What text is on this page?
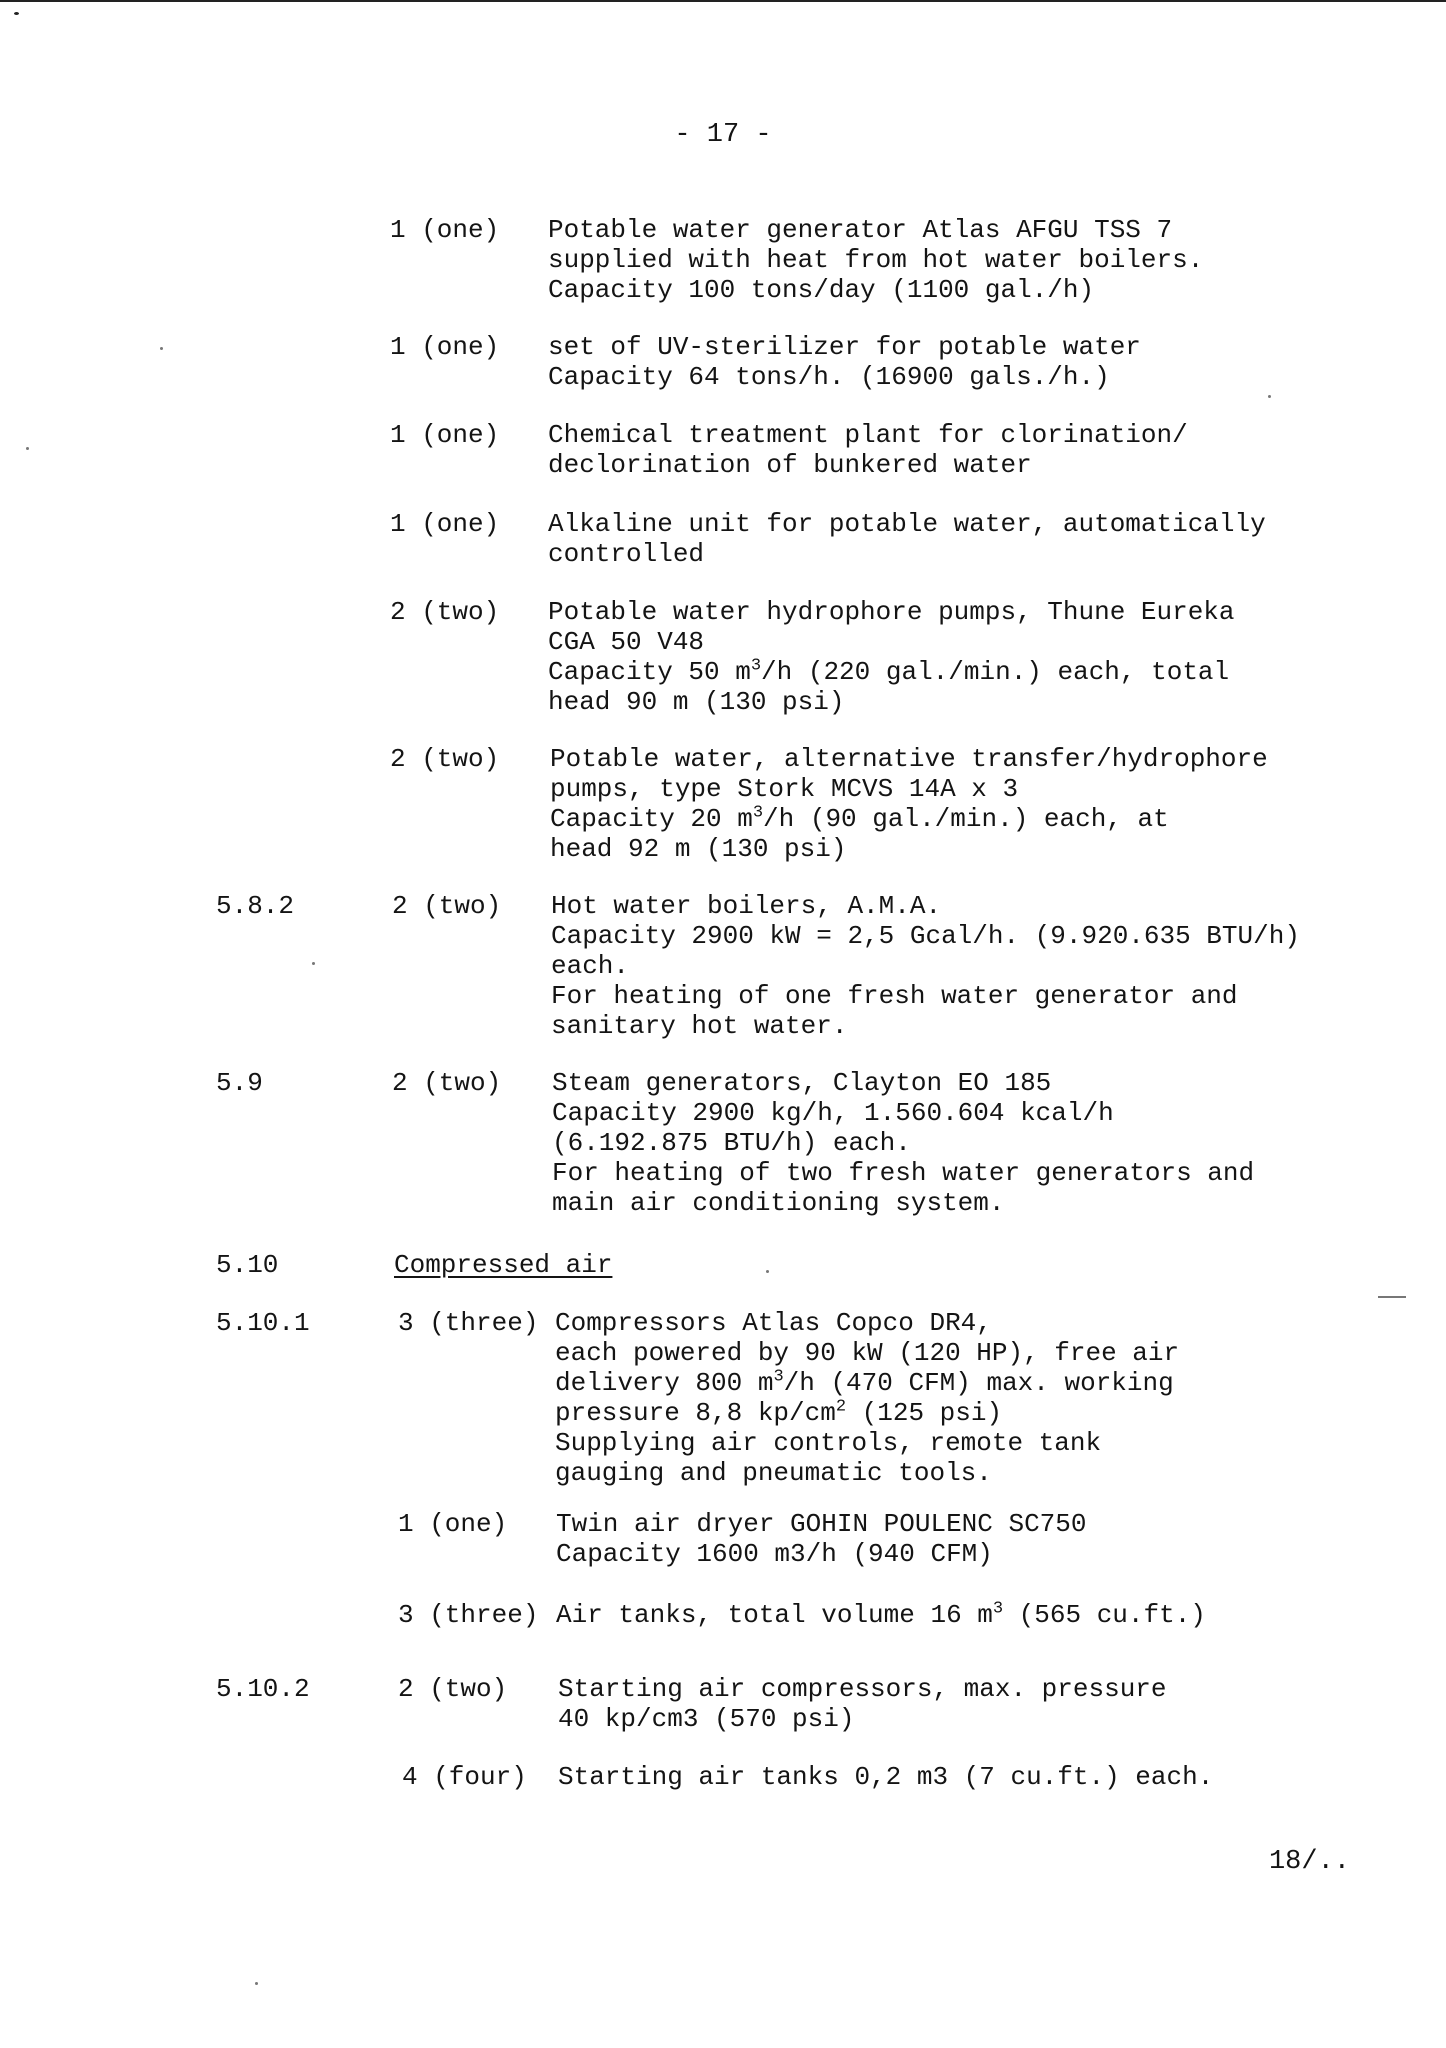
- 17 -
1 (one) Potable water generator Atlas AFGU TSS 7
supplied with heat from hot water boilers.
Capacity 100 tons/day (1100 gal./h)
1 (one) set of UV-sterilizer for potable water
Capacity 64 tons/h. (16900 gals./h.)
1 (one) Chemical treatment plant for clorination/
declorination of bunkered water
1 (one) Alkaline unit for potable water, automatically
controlled
2 (two) Potable water hydrophore pumps, Thune Eureka
CGA 50 V48
Capacity 50 $m^3/h$ (220 gal./min.) each, total
head 90 m (130 psi)
2 (two) Potable water, alternative transfer/hydrophore
pumps, type Stork MCVS 14A x 3
Capacity 20 $m^3/h$ (90 gal./min.) each, at
head 92 m (130 psi)
5.8.2	2 (two) Hot water boilers, A.M.A.
Capacity 2900 kW = 2,5 Gcal/h. (9.920.635 BTU/h)
each.
For heating of one fresh water generator and
sanitary hot water.
5.9	2 (two) Steam generators, Clayton EO 185
Capacity 2900 kg/h, 1.560.604 kcal/h
(6.192.875 BTU/h) each.
For heating of two fresh water generators and
main air conditioning system.
5.10	Compressed air
5.10.1	3 (three) Compressors Atlas Copco DR4,
each powered by 90 kW (120 HP), free air
delivery 800 $m^3/h$ (470 CFM) max. working
pressure 8,8 $kp/cm^2$ (125 psi)
Supplying air controls, remote tank
gauging and pneumatic tools.
1 (one) Twin air dryer GOHIN POULENC SC750
Capacity 1600 m3/h (940 CFM)
3 (three) Air tanks, total volume 16 $m^3$ (565 cu.ft.)
5.10.2	2 (two) Starting air compressors, max. pressure
40 kp/cm3 (570 psi)
4 (four) Starting air tanks 0,2 m3 (7 cu.ft.) each.
18/..
